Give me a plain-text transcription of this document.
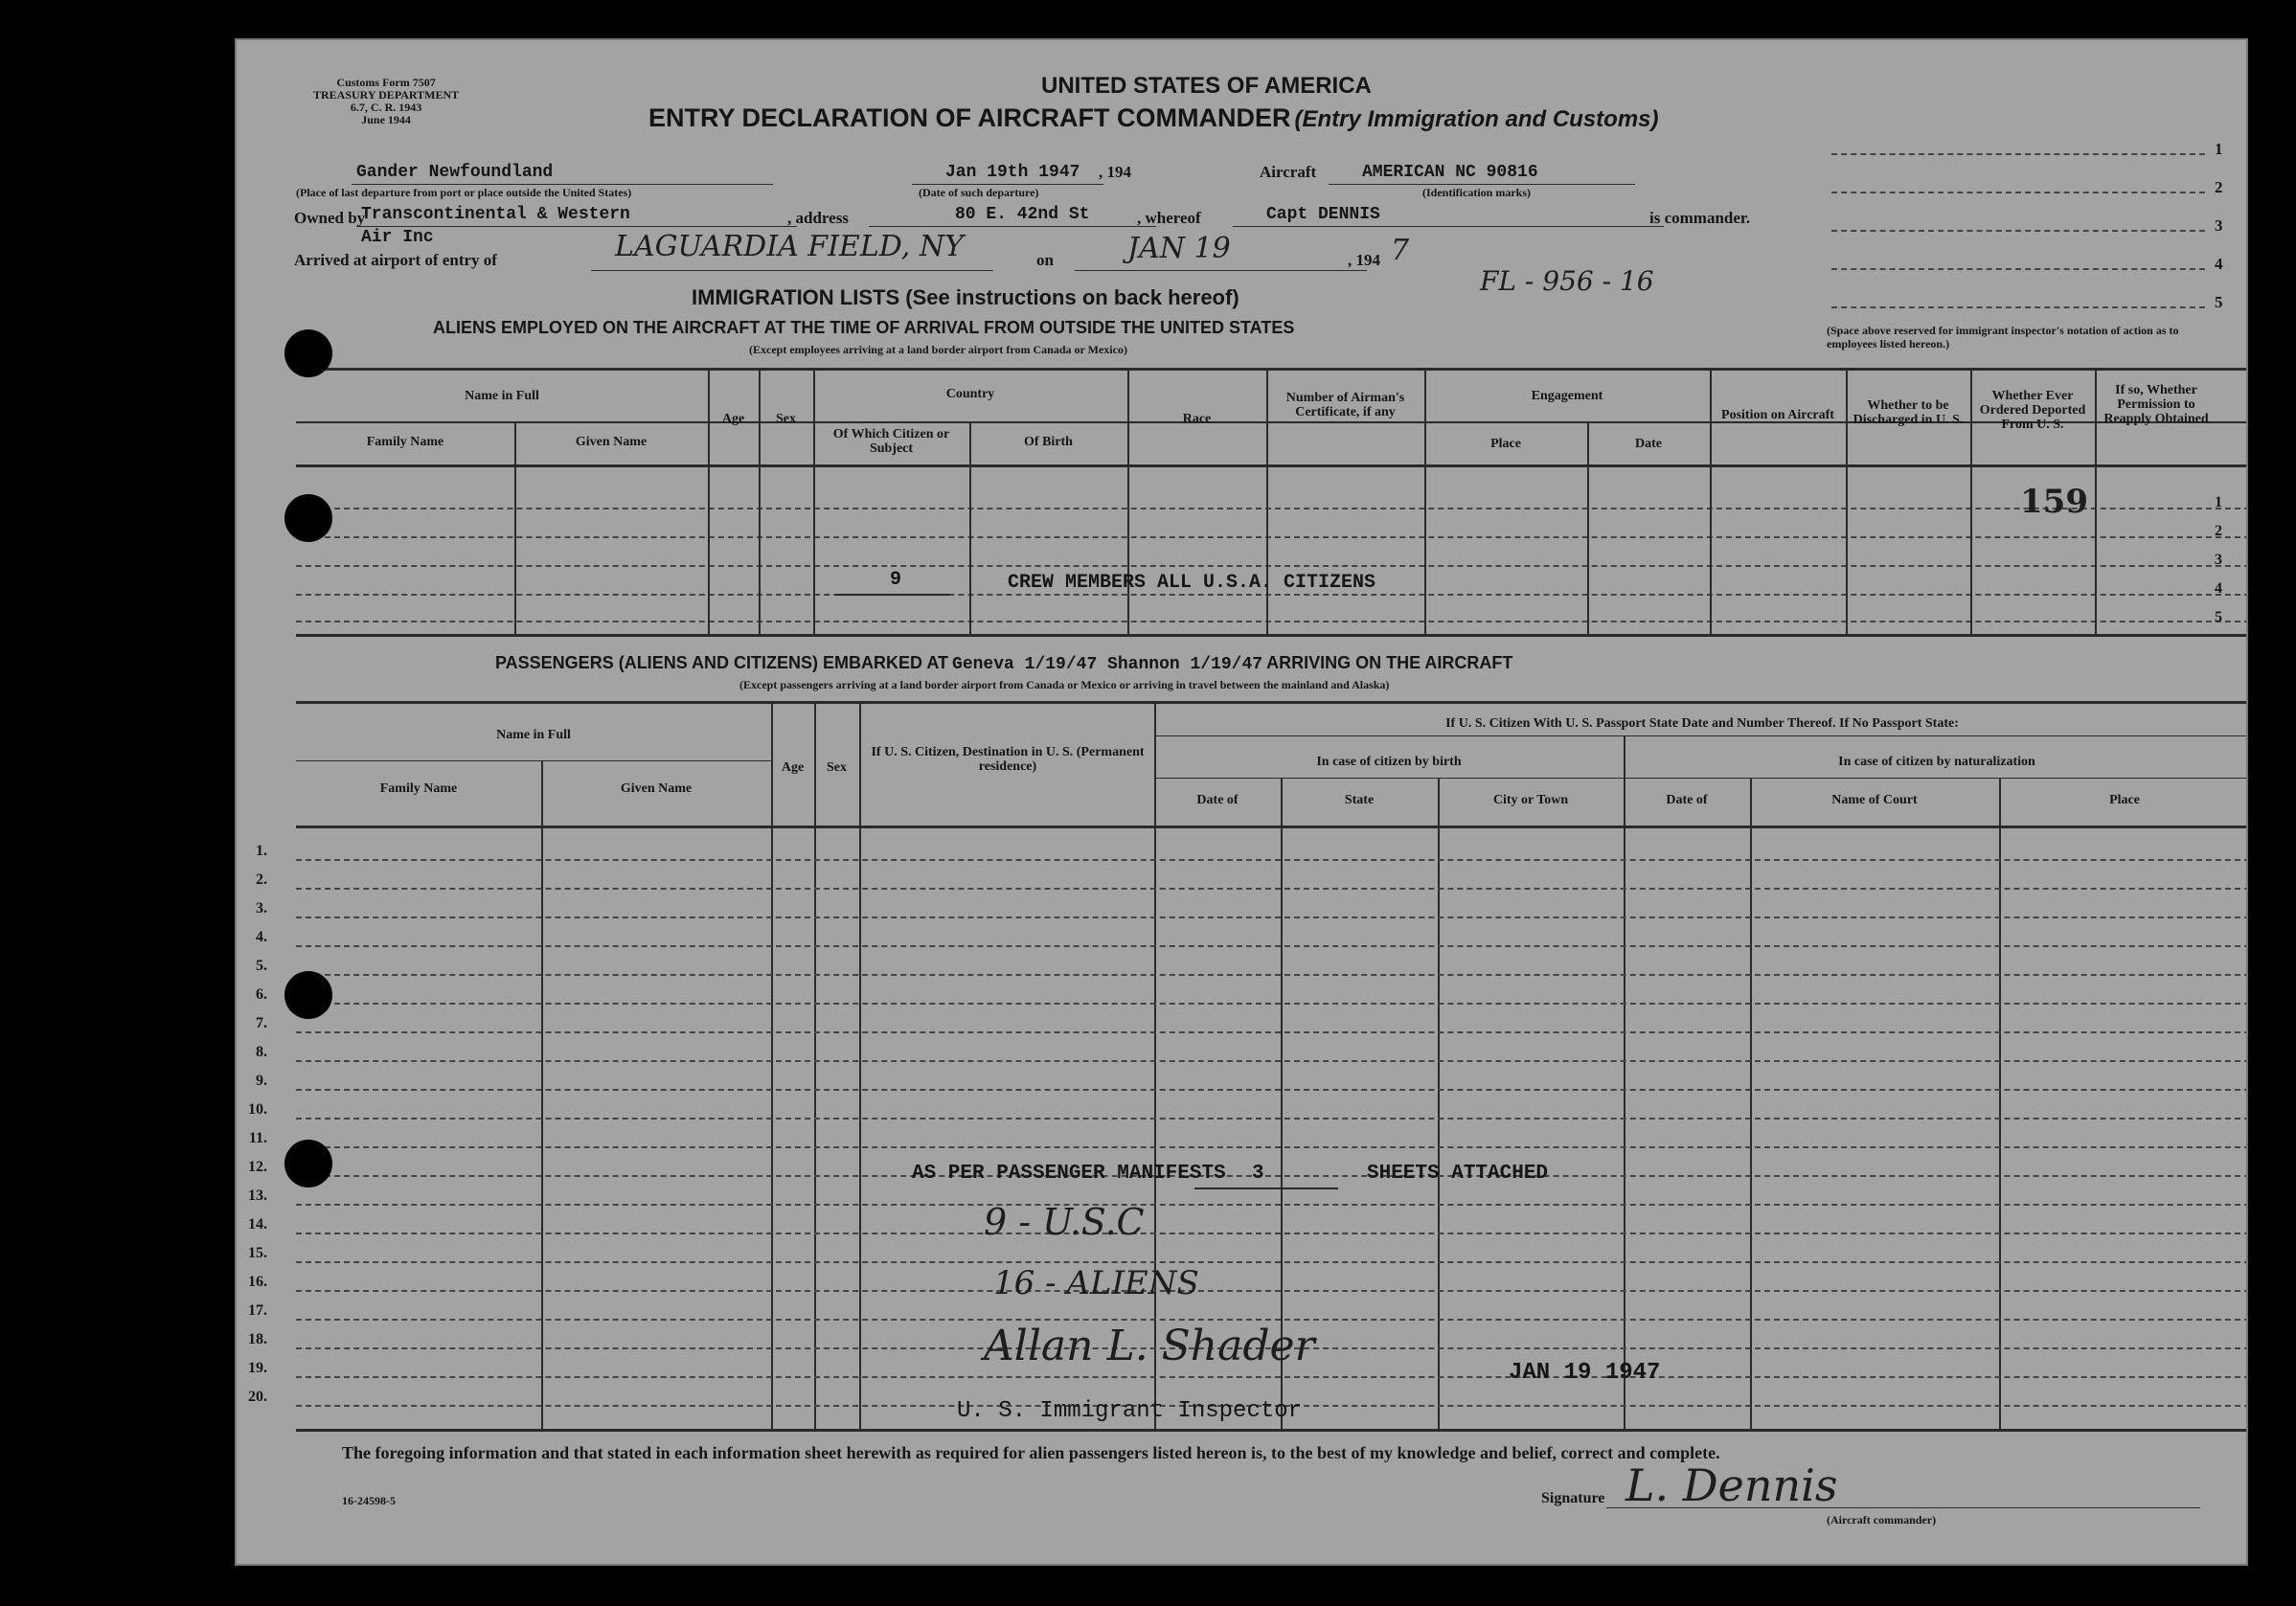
Customs Form 7507
TREASURY DEPARTMENT
6.7, C. R. 1943
June 1944
UNITED STATES OF AMERICA
ENTRY DECLARATION OF AIRCRAFT COMMANDER (Entry Immigration and Customs)
Gander Newfoundland
(Place of last departure from port or place outside the United States)
Jan 19th 1947 , 194
(Date of such departure)
Aircraft	AMERICAN NC 90816
(Identification marks)
Owned by
Transcontinental & Western
Air Inc
, address	80 E. 42nd St	, whereof	Capt DENNIS	is commander.
Arrived at airport of entry of	LAGUARDIA FIELD, NY	on	JAN 19	, 194 7
FL - 956 - 16
1
2
3
4
5
(Space above reserved for immigrant inspector's notation of action as to employees listed hereon.)
IMMIGRATION LISTS (See instructions on back hereof)
ALIENS EMPLOYED ON THE AIRCRAFT AT THE TIME OF ARRIVAL FROM OUTSIDE THE UNITED STATES
(Except employees arriving at a land border airport from Canada or Mexico)
Name in Full
Family Name	Given Name
Age	Sex
Country
Of Which Citizen or Subject	Of Birth
Race
Number of Airman's Certificate, if any
Engagement
Place	Date
Position on Aircraft
Whether to be Discharged in U. S.
Whether Ever Ordered Deported From U. S.
If so, Whether Permission to Reapply Obtained
159
9	CREW MEMBERS ALL U.S.A. CITIZENS
1
2
3
4
5
PASSENGERS (ALIENS AND CITIZENS) EMBARKED AT Geneva 1/19/47 Shannon 1/19/47 ARRIVING ON THE AIRCRAFT
(Except passengers arriving at a land border airport from Canada or Mexico or arriving in travel between the mainland and Alaska)
Name in Full
Family Name	Given Name
Age	Sex
If U. S. Citizen, Destination in U. S. (Permanent residence)
If U. S. Citizen With U. S. Passport State Date and Number Thereof. If No Passport State:
In case of citizen by birth	In case of citizen by naturalization
Date of	State	City or Town	Date of	Name of Court	Place
1.
2.
3.
4.
5.
6.
7.
8.
9.
10.
11.
12.
13.
14.
15.
16.
17.
18.
19.
20.
AS PER PASSENGER MANIFESTS 3	SHEETS ATTACHED
9 - U.S.C
16 - ALIENS
Allan L. Shader
JAN 19 1947
U. S. Immigrant Inspector
The foregoing information and that stated in each information sheet herewith as required for alien passengers listed hereon is, to the best of my knowledge and belief, correct and complete.
16-24598-5	Signature L. Dennis
(Aircraft commander)
